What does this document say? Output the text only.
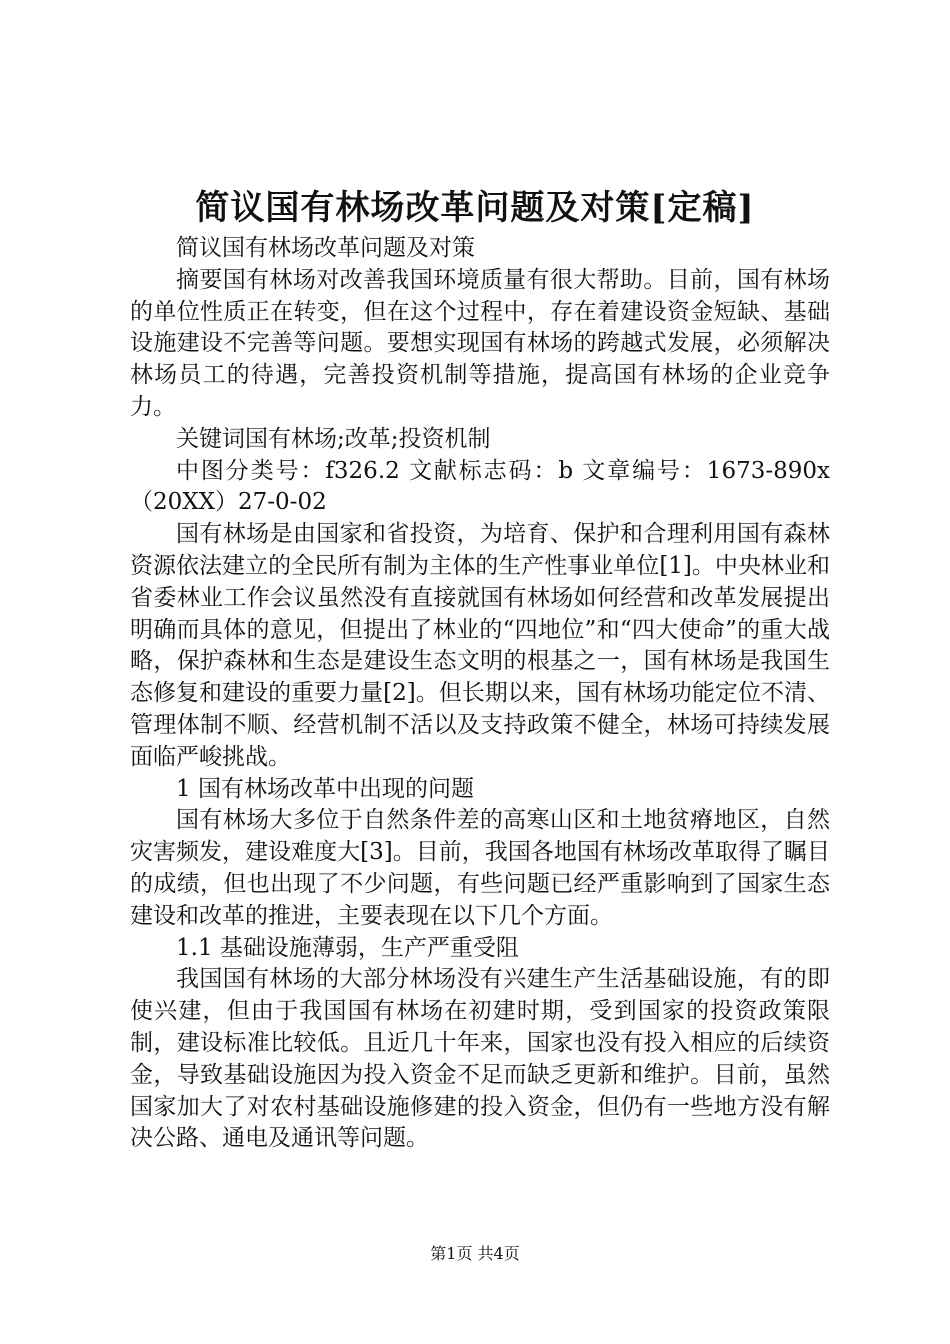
简议国有林场改革问题及对策[定稿]

简议国有林场改革问题及对策

摘要国有林场对改善我国环境质量有很大帮助。目前，国有林场的单位性质正在转变，但在这个过程中，存在着建设资金短缺、基础设施建设不完善等问题。要想实现国有林场的跨越式发展，必须解决林场员工的待遇，完善投资机制等措施，提高国有林场的企业竞争力。

关键词国有林场;改革;投资机制

中图分类号：f326.2 文献标志码：b 文章编号：1673-890x（20XX）27-0-02

国有林场是由国家和省投资，为培育、保护和合理利用国有森林资源依法建立的全民所有制为主体的生产性事业单位[1]。中央林业和省委林业工作会议虽然没有直接就国有林场如何经营和改革发展提出明确而具体的意见，但提出了林业的“四地位”和“四大使命”的重大战略，保护森林和生态是建设生态文明的根基之一，国有林场是我国生态修复和建设的重要力量[2]。但长期以来，国有林场功能定位不清、管理体制不顺、经营机制不活以及支持政策不健全，林场可持续发展面临严峻挑战。

1 国有林场改革中出现的问题

国有林场大多位于自然条件差的高寒山区和土地贫瘠地区，自然灾害频发，建设难度大[3]。目前，我国各地国有林场改革取得了瞩目的成绩，但也出现了不少问题，有些问题已经严重影响到了国家生态建设和改革的推进，主要表现在以下几个方面。

1.1 基础设施薄弱，生产严重受阻

我国国有林场的大部分林场没有兴建生产生活基础设施，有的即使兴建，但由于我国国有林场在初建时期，受到国家的投资政策限制，建设标准比较低。且近几十年来，国家也没有投入相应的后续资金，导致基础设施因为投入资金不足而缺乏更新和维护。目前，虽然国家加大了对农村基础设施修建的投入资金，但仍有一些地方没有解决公路、通电及通讯等问题。

第1页 共4页
